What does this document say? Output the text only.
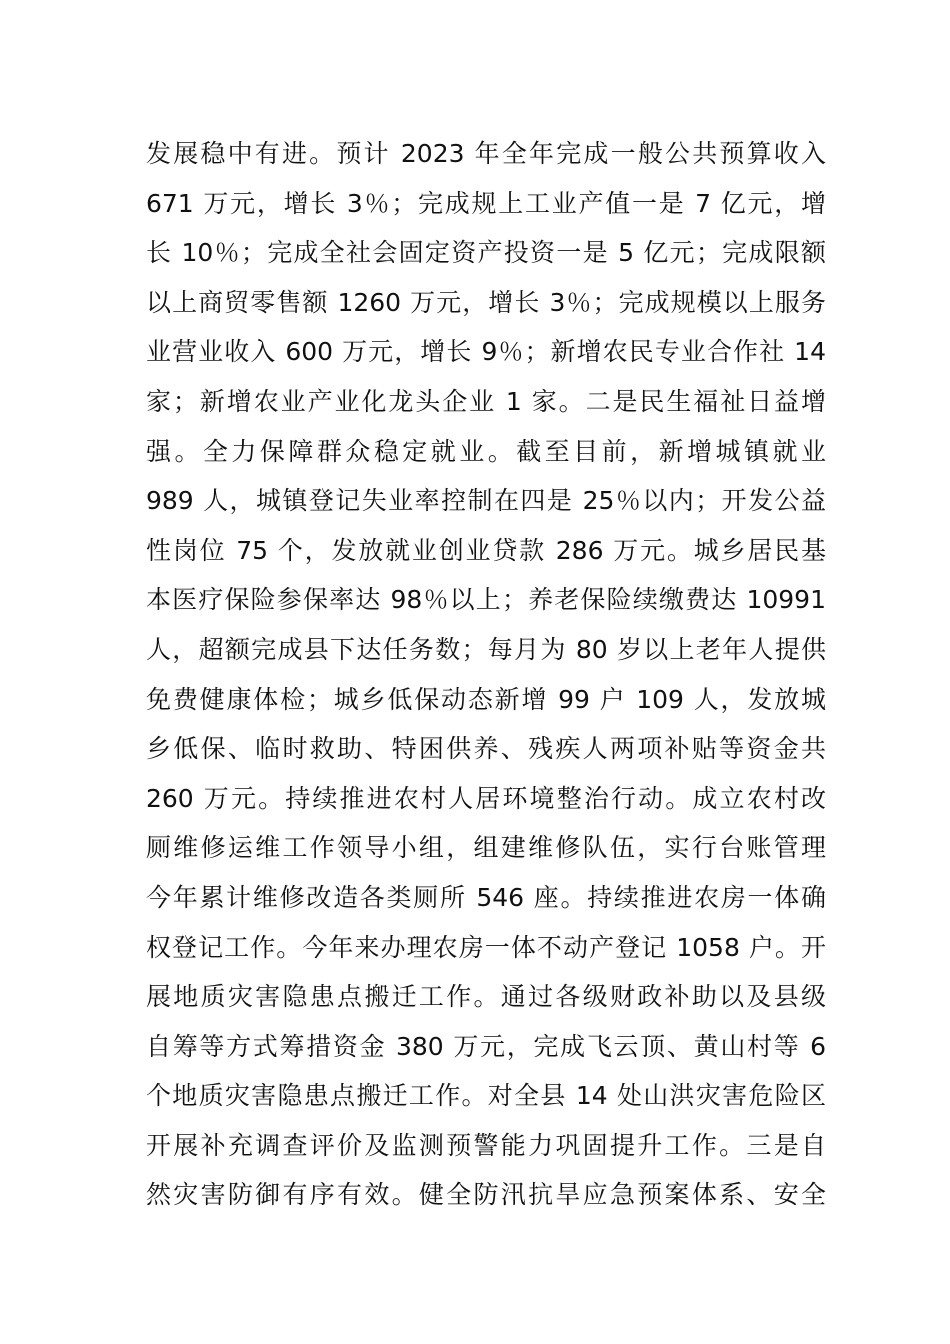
发展稳中有进。预计 2023 年全年完成一般公共预算收入
671 万元，增长 3％；完成规上工业产值一是 7 亿元，增
长 10％；完成全社会固定资产投资一是 5 亿元；完成限额
以上商贸零售额 1260 万元，增长 3％；完成规模以上服务
业营业收入 600 万元，增长 9％；新增农民专业合作社 14
家；新增农业产业化龙头企业 1 家。二是民生福祉日益增
强。全力保障群众稳定就业。截至目前，新增城镇就业
989 人，城镇登记失业率控制在四是 25％以内；开发公益
性岗位 75 个，发放就业创业贷款 286 万元。城乡居民基
本医疗保险参保率达 98％以上；养老保险续缴费达 10991
人，超额完成县下达任务数；每月为 80 岁以上老年人提供
免费健康体检；城乡低保动态新增 99 户 109 人，发放城
乡低保、临时救助、特困供养、残疾人两项补贴等资金共
260 万元。持续推进农村人居环境整治行动。成立农村改
厕维修运维工作领导小组，组建维修队伍，实行台账管理
今年累计维修改造各类厕所 546 座。持续推进农房一体确
权登记工作。今年来办理农房一体不动产登记 1058 户。开
展地质灾害隐患点搬迁工作。通过各级财政补助以及县级
自筹等方式筹措资金 380 万元，完成飞云顶、黄山村等 6
个地质灾害隐患点搬迁工作。对全县 14 处山洪灾害危险区
开展补充调查评价及监测预警能力巩固提升工作。三是自
然灾害防御有序有效。健全防汛抗旱应急预案体系、安全
